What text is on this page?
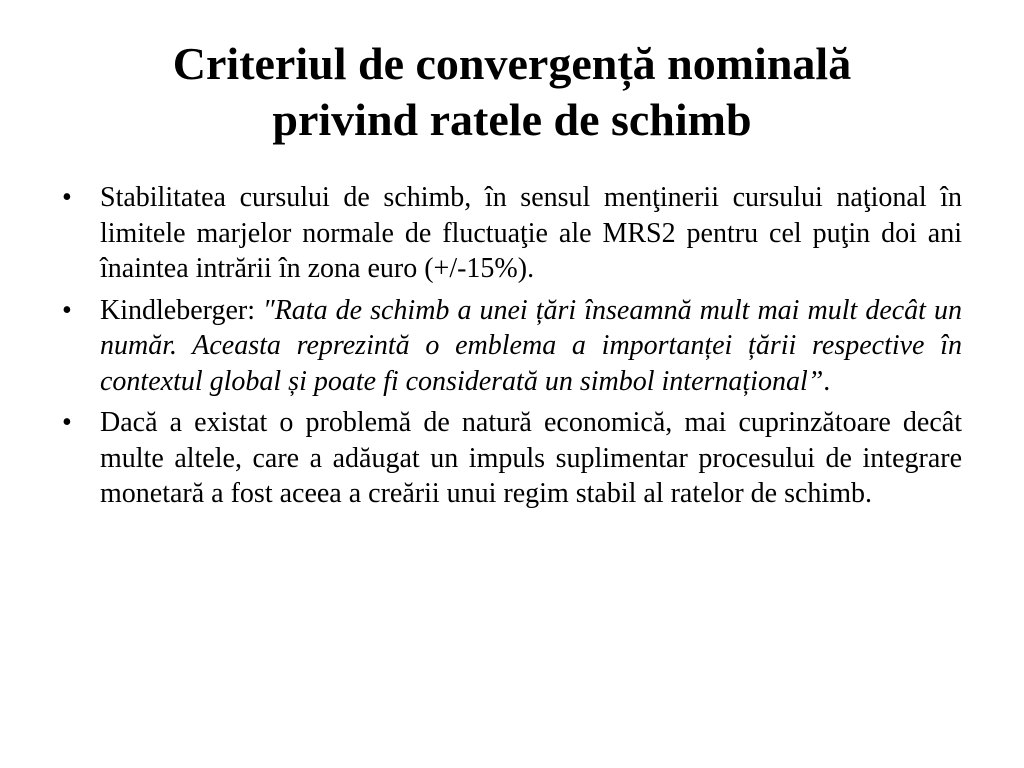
Criteriul de convergență nominală
privind ratele de schimb
• Stabilitatea cursului de schimb, în sensul menţinerii cursului naţional în limitele marjelor normale de fluctuaţie ale MRS2 pentru cel puţin doi ani înaintea intrării în zona euro (+/-15%).
• Kindleberger: ″Rata de schimb a unei țări înseamnă mult mai mult decât un număr. Aceasta reprezintă o emblema a importanței țării respective în contextul global și poate fi considerată un simbol internațional”.
• Dacă a existat o problemă de natură economică, mai cuprinzătoare decât multe altele, care a adăugat un impuls suplimentar procesului de integrare monetară a fost aceea a creării unui regim stabil al ratelor de schimb.
